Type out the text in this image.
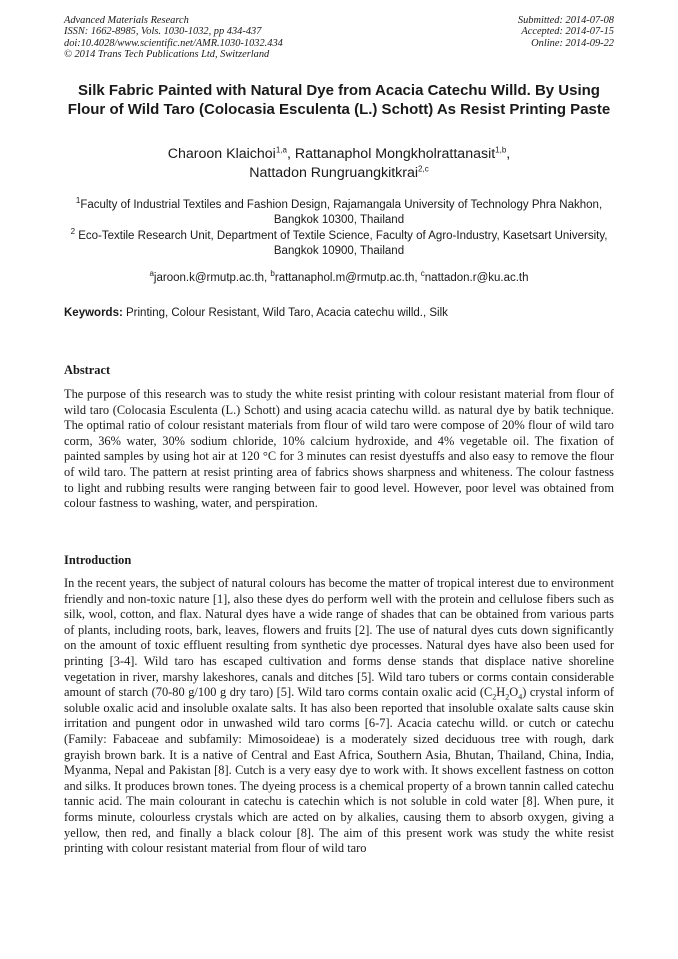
Advanced Materials Research
ISSN: 1662-8985, Vols. 1030-1032, pp 434-437
doi:10.4028/www.scientific.net/AMR.1030-1032.434
© 2014 Trans Tech Publications Ltd, Switzerland
Submitted: 2014-07-08
Accepted: 2014-07-15
Online: 2014-09-22
Silk Fabric Painted with Natural Dye from Acacia Catechu Willd. By Using Flour of Wild Taro (Colocasia Esculenta (L.) Schott) As Resist Printing Paste
Charoon Klaichoi$^{1,a}$, Rattanaphol Mongkholrattanasit$^{1,b}$,
Nattadon Rungruangkitkrai$^{2,c}$
$^1$Faculty of Industrial Textiles and Fashion Design, Rajamangala University of Technology Phra Nakhon, Bangkok 10300, Thailand
$^2$ Eco-Textile Research Unit, Department of Textile Science, Faculty of Agro-Industry, Kasetsart University, Bangkok 10900, Thailand
$^a$jaroon.k@rmutp.ac.th, $^b$rattanaphol.m@rmutp.ac.th, $^c$nattadon.r@ku.ac.th
Keywords: Printing, Colour Resistant, Wild Taro, Acacia catechu willd., Silk
Abstract
The purpose of this research was to study the white resist printing with colour resistant material from flour of wild taro (Colocasia Esculenta (L.) Schott) and using acacia catechu willd. as natural dye by batik technique. The optimal ratio of colour resistant materials from flour of wild taro were compose of 20% flour of wild taro corm, 36% water, 30% sodium chloride, 10% calcium hydroxide, and 4% vegetable oil. The fixation of painted samples by using hot air at 120 °C for 3 minutes can resist dyestuffs and also easy to remove the flour of wild taro. The pattern at resist printing area of fabrics shows sharpness and whiteness. The colour fastness to light and rubbing results were ranging between fair to good level. However, poor level was obtained from colour fastness to washing, water, and perspiration.
Introduction
In the recent years, the subject of natural colours has become the matter of tropical interest due to environment friendly and non-toxic nature [1], also these dyes do perform well with the protein and cellulose fibers such as silk, wool, cotton, and flax. Natural dyes have a wide range of shades that can be obtained from various parts of plants, including roots, bark, leaves, flowers and fruits [2]. The use of natural dyes cuts down significantly on the amount of toxic effluent resulting from synthetic dye processes. Natural dyes have also been used for printing [3-4]. Wild taro has escaped cultivation and forms dense stands that displace native shoreline vegetation in river, marshy lakeshores, canals and ditches [5]. Wild taro tubers or corms contain considerable amount of starch (70-80 g/100 g dry taro) [5]. Wild taro corms contain oxalic acid $(C_2H_2O_4)$ crystal inform of soluble oxalic acid and insoluble oxalate salts. It has also been reported that insoluble oxalate salts cause skin irritation and pungent odor in unwashed wild taro corms [6-7]. Acacia catechu willd. or cutch or catechu (Family: Fabaceae and subfamily: Mimosoideae) is a moderately sized deciduous tree with rough, dark grayish brown bark. It is a native of Central and East Africa, Southern Asia, Bhutan, Thailand, China, India, Myanma, Nepal and Pakistan [8]. Cutch is a very easy dye to work with. It shows excellent fastness on cotton and silks. It produces brown tones. The dyeing process is a chemical property of a brown tannin called catechu tannic acid. The main colourant in catechu is catechin which is not soluble in cold water [8]. When pure, it forms minute, colourless crystals which are acted on by alkalies, causing them to absorb oxygen, giving a yellow, then red, and finally a black colour [8]. The aim of this present work was study the white resist printing with colour resistant material from flour of wild taro
